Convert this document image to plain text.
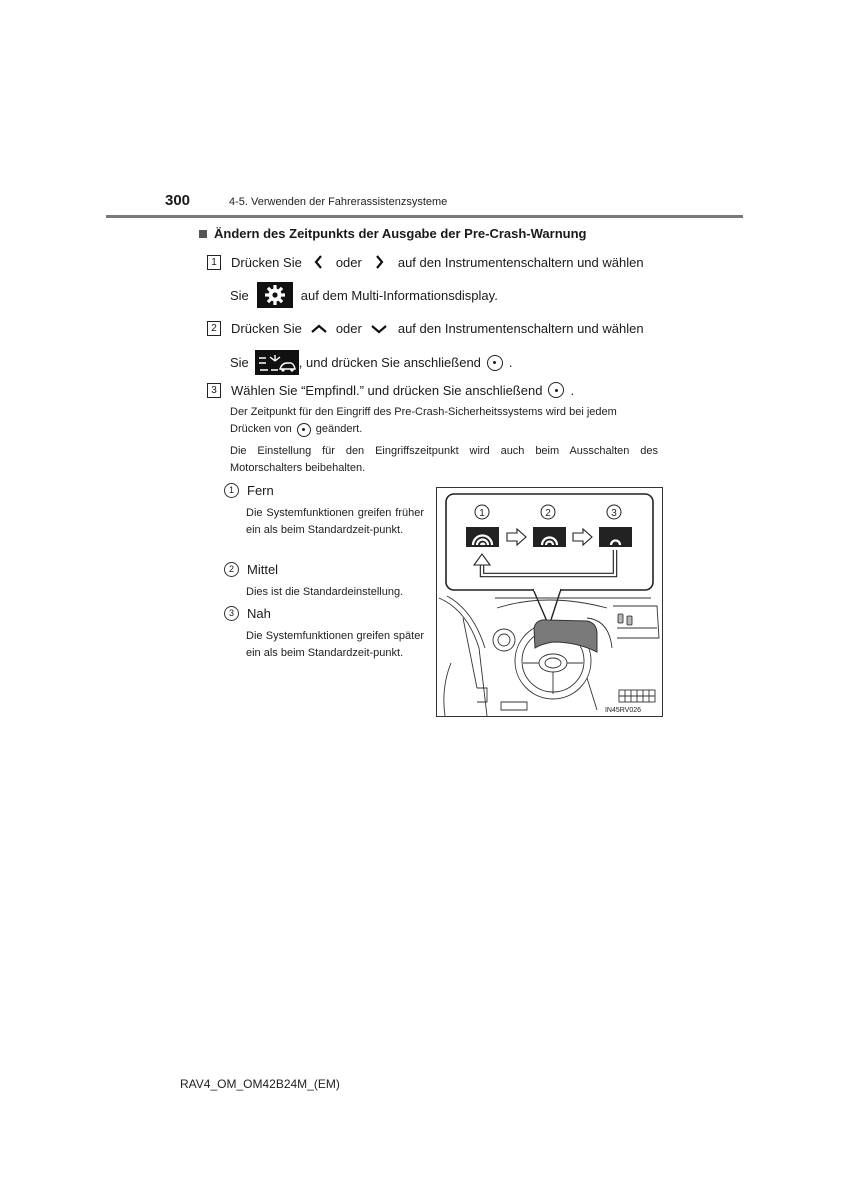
300	4-5. Verwenden der Fahrerassistenzsysteme
Ändern des Zeitpunkts der Ausgabe der Pre-Crash-Warnung
1	Drücken Sie	oder	auf den Instrumentenschaltern und wählen
Sie	auf dem Multi-Informationsdisplay.
2	Drücken Sie	oder	auf den Instrumentenschaltern und wählen
Sie	, und drücken Sie anschließend .
3	Wählen Sie “Empfindl.” und drücken Sie anschließend .
Der Zeitpunkt für den Eingriff des Pre-Crash-Sicherheitssystems wird bei jedem
Drücken von geändert.
Die Einstellung für den Eingriffszeitpunkt wird auch beim Ausschalten des Motorschalters beibehalten.
1	Fern
Die Systemfunktionen greifen früher ein als beim Standardzeit-punkt.
2	Mittel
Dies ist die Standardeinstellung.
3	Nah
Die Systemfunktionen greifen später ein als beim Standardzeit-punkt.
1	2	3
IN45RV026
RAV4_OM_OM42B24M_(EM)
